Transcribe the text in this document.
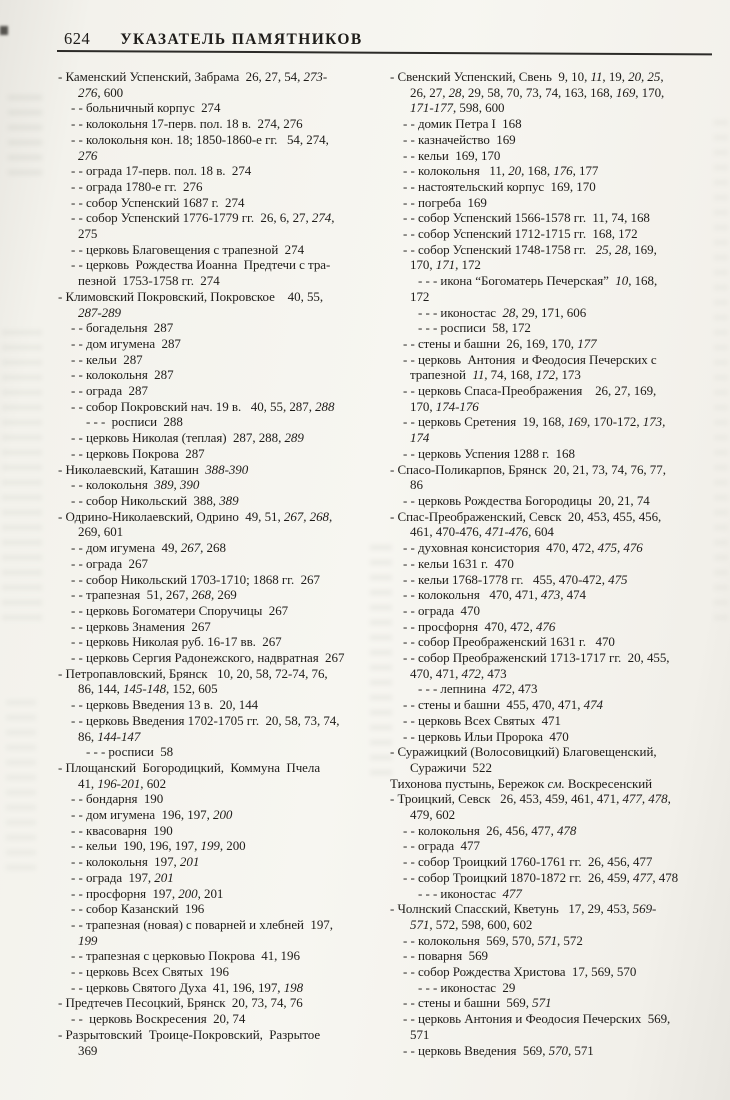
624 УКАЗАТЕЛЬ ПАМЯТНИКОВ
- Каменский Успенский, Забрама  26, 27, 54, 273-
276, 600
- - больничный корпус  274
- - колокольня 17-перв. пол. 18 в.  274, 276
- - колокольня кон. 18; 1850-1860-е гг.   54, 274,
276
- - ограда 17-перв. пол. 18 в.  274
- - ограда 1780-е гг.  276
- - собор Успенский 1687 г.  274
- - собор Успенский 1776-1779 гг.  26, 6, 27, 274,
275
- - церковь Благовещения с трапезной  274
- - церковь  Рождества Иоанна  Предтечи с тра-
пезной  1753-1758 гг.  274
- Климовский Покровский, Покровское    40, 55,
287-289
- - богадельня  287
- - дом игумена  287
- - кельи  287
- - колокольня  287
- - ограда  287
- - собор Покровский нач. 19 в.   40, 55, 287, 288
- - -  росписи  288
- - церковь Николая (теплая)  287, 288, 289
- - церковь Покрова  287
- Николаевский, Каташин  388-390
- - колокольня  389, 390
- - собор Никольский  388, 389
- Одрино-Николаевский, Одрино  49, 51, 267, 268,
269, 601
- - дом игумена  49, 267, 268
- - ограда  267
- - собор Никольский 1703-1710; 1868 гг.  267
- - трапезная  51, 267, 268, 269
- - церковь Богоматери Споручицы  267
- - церковь Знамения  267
- - церковь Николая руб. 16-17 вв.  267
- - церковь Сергия Радонежского, надвратная  267
- Петропавловский, Брянск   10, 20, 58, 72-74, 76,
86, 144, 145-148, 152, 605
- - церковь Введения 13 в.  20, 144
- - церковь Введения 1702-1705 гг.  20, 58, 73, 74,
86, 144-147
- - - росписи  58
- Площанский  Богородицкий,  Коммуна  Пчела
41, 196-201, 602
- - бондарня  190
- - дом игумена  196, 197, 200
- - квасоварня  190
- - кельи  190, 196, 197, 199, 200
- - колокольня  197, 201
- - ограда  197, 201
- - просфорня  197, 200, 201
- - собор Казанский  196
- - трапезная (новая) с поварней и хлебней  197,
199
- - трапезная с церковью Покрова  41, 196
- - церковь Всех Святых  196
- - церковь Святого Духа  41, 196, 197, 198
- Предтечев Песоцкий, Брянск  20, 73, 74, 76
- -  церковь Воскресения  20, 74
- Разрытовский  Троице-Покровский,  Разрытое
369
- Свенский Успенский, Свень  9, 10, 11, 19, 20, 25,
26, 27, 28, 29, 58, 70, 73, 74, 163, 168, 169, 170,
171-177, 598, 600
- - домик Петра I  168
- - казначейство  169
- - кельи  169, 170
- - колокольня   11, 20, 168, 176, 177
- - настоятельский корпус  169, 170
- - погреба  169
- - собор Успенский 1566-1578 гг.  11, 74, 168
- - собор Успенский 1712-1715 гг.  168, 172
- - собор Успенский 1748-1758 гг.   25, 28, 169,
170, 171, 172
- - - икона “Богоматерь Печерская”  10, 168,
172
- - - иконостас  28, 29, 171, 606
- - - росписи  58, 172
- - стены и башни  26, 169, 170, 177
- - церковь  Антония  и Феодосия Печерских с
трапезной  11, 74, 168, 172, 173
- - церковь Спаса-Преображения    26, 27, 169,
170, 174-176
- - церковь Сретения  19, 168, 169, 170-172, 173,
174
- - церковь Успения 1288 г.  168
- Спасо-Поликарпов, Брянск  20, 21, 73, 74, 76, 77,
86
- - церковь Рождества Богородицы  20, 21, 74
- Спас-Преображенский, Севск  20, 453, 455, 456,
461, 470-476, 471-476, 604
- - духовная консистория  470, 472, 475, 476
- - кельи 1631 г.  470
- - кельи 1768-1778 гг.   455, 470-472, 475
- - колокольня   470, 471, 473, 474
- - ограда  470
- - просфорня  470, 472, 476
- - собор Преображенский 1631 г.   470
- - собор Преображенский 1713-1717 гг.  20, 455,
470, 471, 472, 473
- - - лепнина  472, 473
- - стены и башни  455, 470, 471, 474
- - церковь Всех Святых  471
- - церковь Ильи Пророка  470
- Суражицкий (Волосовицкий) Благовещенский,
Суражичи  522
Тихонова пустынь, Бережок см. Воскресенский
- Троицкий, Севск   26, 453, 459, 461, 471, 477, 478,
479, 602
- - колокольня  26, 456, 477, 478
- - ограда  477
- - собор Троицкий 1760-1761 гг.  26, 456, 477
- - собор Троицкий 1870-1872 гг.  26, 459, 477, 478
- - - иконостас  477
- Чолнский Спасский, Кветунь   17, 29, 453, 569-
571, 572, 598, 600, 602
- - колокольня  569, 570, 571, 572
- - поварня  569
- - собор Рождества Христова  17, 569, 570
- - - иконостас  29
- - стены и башни  569, 571
- - церковь Антония и Феодосия Печерских  569,
571
- - церковь Введения  569, 570, 571
